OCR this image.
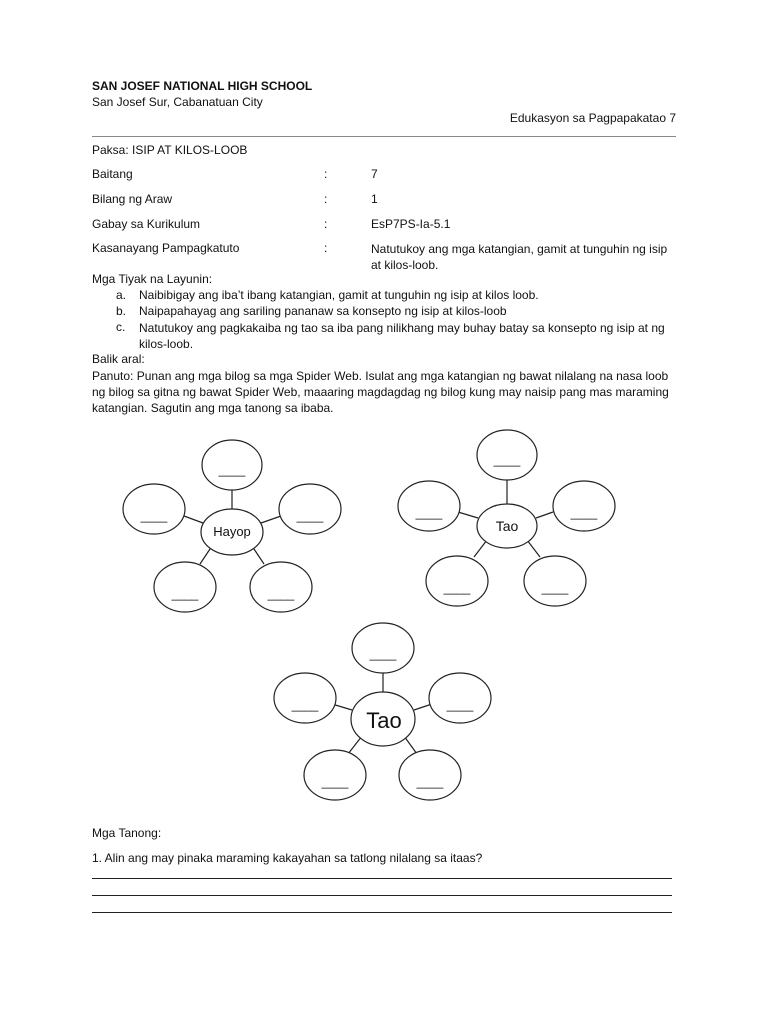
SAN JOSEF NATIONAL HIGH SCHOOL
San Josef Sur, Cabanatuan City
Edukasyon sa Pagpapakatao 7
Paksa: ISIP AT KILOS-LOOB
Baitang	:	7
Bilang ng Araw	:	1
Gabay sa Kurikulum	:	EsP7PS-Ia-5.1
Kasanayang Pampagkatuto	:	Natutukoy ang mga katangian, gamit at tunguhin ng isip at kilos-loob.
Mga Tiyak na Layunin:
a. Naibibigay ang iba’t ibang katangian, gamit at tunguhin ng isip at kilos loob.
b. Naipapahayag ang sariling pananaw sa konsepto ng isip at kilos-loob
c. Natutukoy ang pagkakaiba ng tao sa iba pang nilikhang may buhay batay sa konsepto ng isip at ng kilos-loob.
Balik aral:
Panuto: Punan ang mga bilog sa mga Spider Web. Isulat ang mga katangian ng bawat nilalang na nasa loob ng bilog sa gitna ng bawat Spider Web, maaaring magdagdag ng bilog kung may naisip pang mas maraming katangian. Sagutin ang mga tanong sa ibaba.
____
____	____
____	____
Hayop
____
____	____
____	____
Tao
____
____	____
____	____
Tao
Mga Tanong:
1. Alin ang may pinaka maraming kakayahan sa tatlong nilalang sa itaas?
